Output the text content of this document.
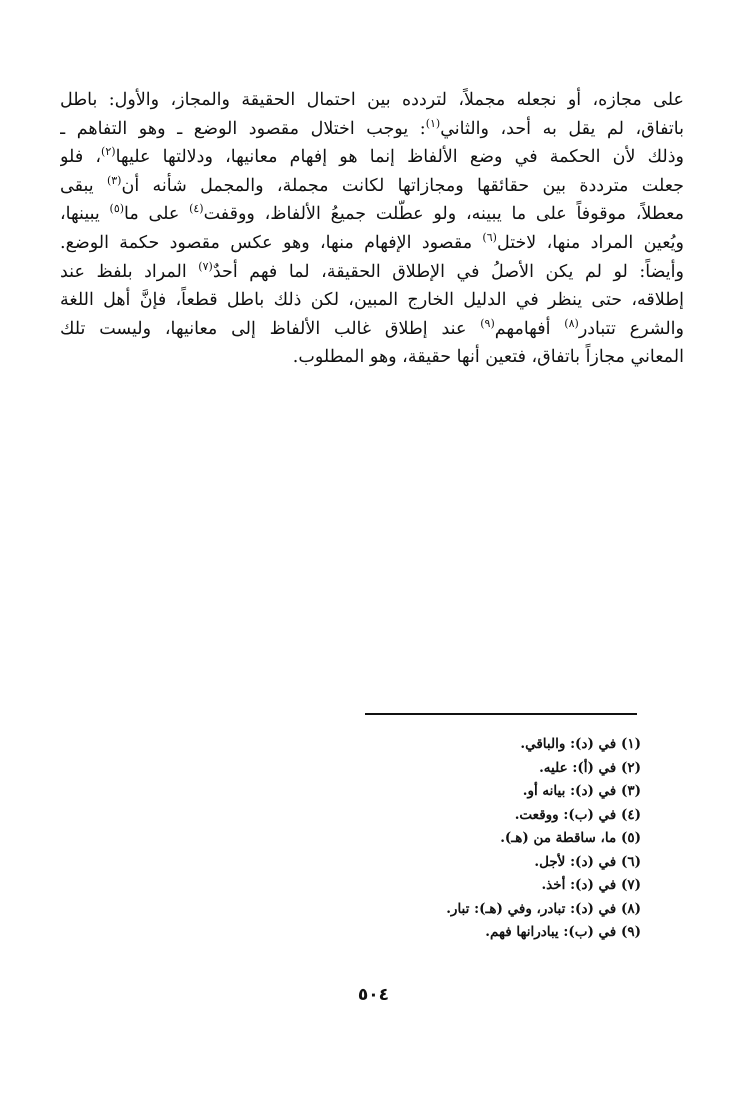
على مجازه، أو نجعله مجملاً، لتردده بين احتمال الحقيقة والمجاز، والأول: باطل
باتفاق، لم يقل به أحد، والثاني$^{(١)}$: يوجب اختلال مقصود الوضع ـ وهو التفاهم ـ
وذلك لأن الحكمة في وضع الألفاظ إنما هو إفهام معانيها، ودلالتها عليها$^{(٢)}$، فلو
جعلت مترددة بين حقائقها ومجازاتها لكانت مجملة، والمجمل شأنه أن$^{(٣)}$ يبقى
معطلاً، موقوفاً على ما يبينه، ولو عطّلت جميعُ الألفاظ، ووقفت$^{(٤)}$ على ما$^{(٥)}$ يبينها،
ويُعين المراد منها، لاختل$^{(٦)}$ مقصود الإفهام منها، وهو عكس مقصود حكمة الوضع.
وأيضاً: لو لم يكن الأصلُ في الإطلاق الحقيقة، لما فهم أحدٌ$^{(٧)}$ المراد بلفظ عند
إطلاقه، حتى ينظر في الدليل الخارج المبين، لكن ذلك باطل قطعاً، فإنَّ أهل اللغة
والشرع تتبادر$^{(٨)}$ أفهامهم$^{(٩)}$ عند إطلاق غالب الألفاظ إلى معانيها، وليست تلك
المعاني مجازاً باتفاق، فتعين أنها حقيقة، وهو المطلوب.
(١) في (د): والباقي.
(٢) في (أ): عليه.
(٣) في (د): بيانه أو.
(٤) في (ب): ووقعت.
(٥) ما، ساقطة من (هـ).
(٦) في (د): لأجل.
(٧) في (د): أخذ.
(٨) في (د): تبادر، وفي (هـ): تبار.
(٩) في (ب): يبادرانها فهم.
٥٠٤
